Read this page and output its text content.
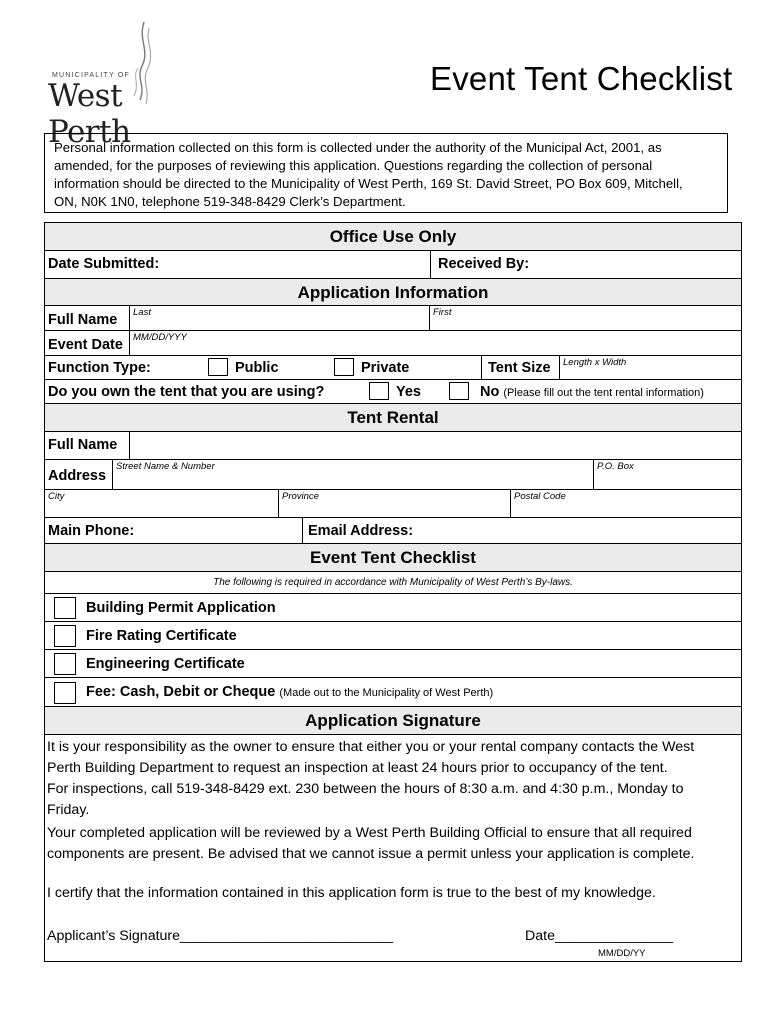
MUNICIPALITY OF
West Perth
Event Tent Checklist

Personal information collected on this form is collected under the authority of the Municipal Act, 2001, as

amended, for the purposes of reviewing this application. Questions regarding the collection of personal

information should be directed to the Municipality of West Perth, 169 St. David Street, PO Box 609, Mitchell,

ON, N0K 1N0, telephone 519-348-8429 Clerk’s Department.

Office Use Only
Date Submitted:	Received By:
Application Information
Full Name Last	First
Event Date MM/DD/YYY
Function Type:	Public	Private	Tent Size Length x Width
Do you own the tent that you are using?	Yes	No (Please fill out the tent rental information)
Tent Rental
Full Name
Address
Street Name & Number	P.O. Box
City	Province	Postal Code
Main Phone:	Email Address:
Event Tent Checklist
The following is required in accordance with Municipality of West Perth’s By-laws.
Building Permit Application
Fire Rating Certificate
Engineering Certificate
Fee: Cash, Debit or Cheque (Made out to the Municipality of West Perth)
Application Signature

It is your responsibility as the owner to ensure that either you or your rental company contacts the West

Perth Building Department to request an inspection at least 24 hours prior to occupancy of the tent.

For inspections, call 519-348-8429 ext. 230 between the hours of 8:30 a.m. and 4:30 p.m., Monday to

Friday.

Your completed application will be reviewed by a West Perth Building Official to ensure that all required

components are present. Be advised that we cannot issue a permit unless your application is complete.

I certify that the information contained in this application form is true to the best of my knowledge.
Applicant’s Signature___________________________	Date_______________
MM/DD/YY
